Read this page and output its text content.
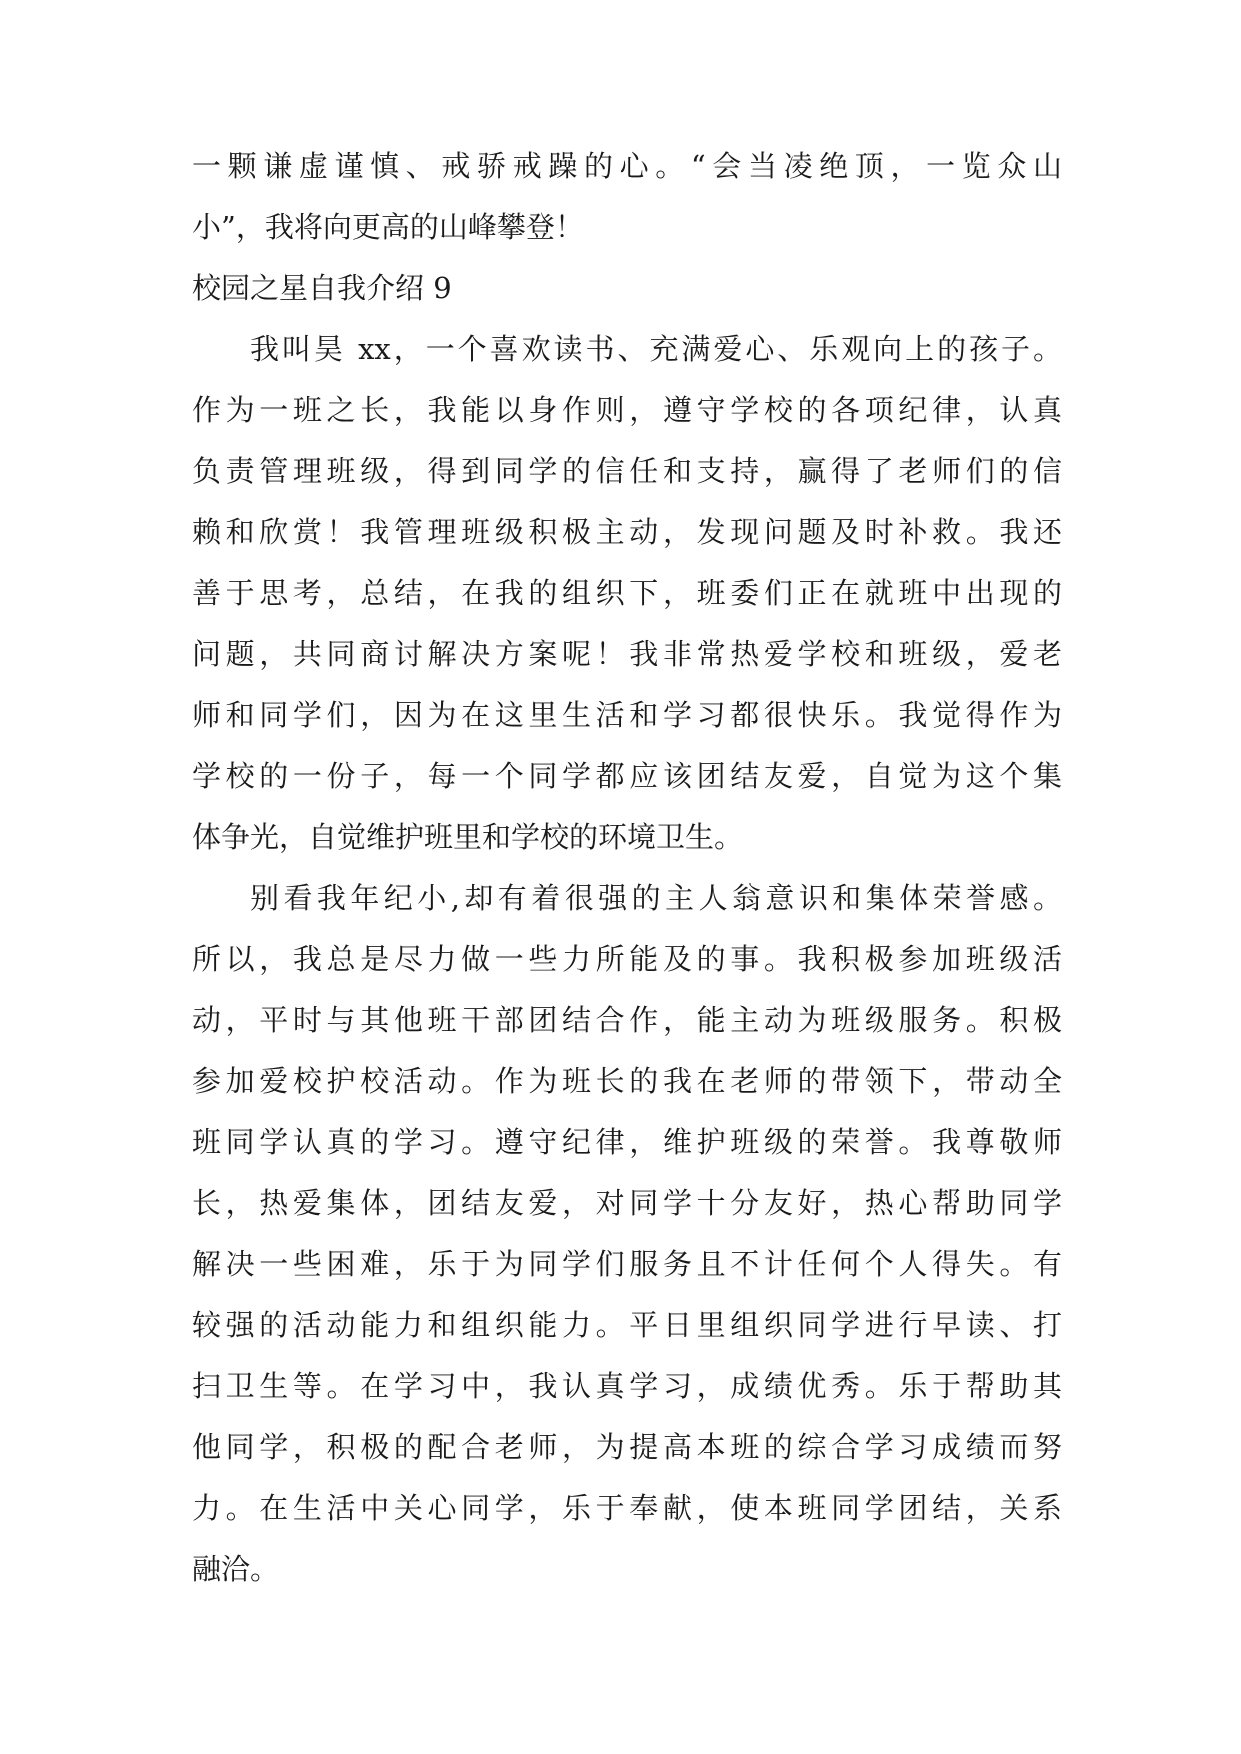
一颗谦虚谨慎、戒骄戒躁的心。“会当凌绝顶，一览众山
小”，我将向更高的山峰攀登！
校园之星自我介绍 9
我叫昊 xx，一个喜欢读书、充满爱心、乐观向上的孩子。
作为一班之长，我能以身作则，遵守学校的各项纪律，认真
负责管理班级，得到同学的信任和支持，赢得了老师们的信
赖和欣赏！我管理班级积极主动，发现问题及时补救。我还
善于思考，总结，在我的组织下，班委们正在就班中出现的
问题，共同商讨解决方案呢！我非常热爱学校和班级，爱老
师和同学们，因为在这里生活和学习都很快乐。我觉得作为
学校的一份子，每一个同学都应该团结友爱，自觉为这个集
体争光，自觉维护班里和学校的环境卫生。
别看我年纪小,却有着很强的主人翁意识和集体荣誉感。
所以，我总是尽力做一些力所能及的事。我积极参加班级活
动，平时与其他班干部团结合作，能主动为班级服务。积极
参加爱校护校活动。作为班长的我在老师的带领下，带动全
班同学认真的学习。遵守纪律，维护班级的荣誉。我尊敬师
长，热爱集体，团结友爱，对同学十分友好，热心帮助同学
解决一些困难，乐于为同学们服务且不计任何个人得失。有
较强的活动能力和组织能力。平日里组织同学进行早读、打
扫卫生等。在学习中，我认真学习，成绩优秀。乐于帮助其
他同学，积极的配合老师，为提高本班的综合学习成绩而努
力。在生活中关心同学，乐于奉献，使本班同学团结，关系
融洽。
